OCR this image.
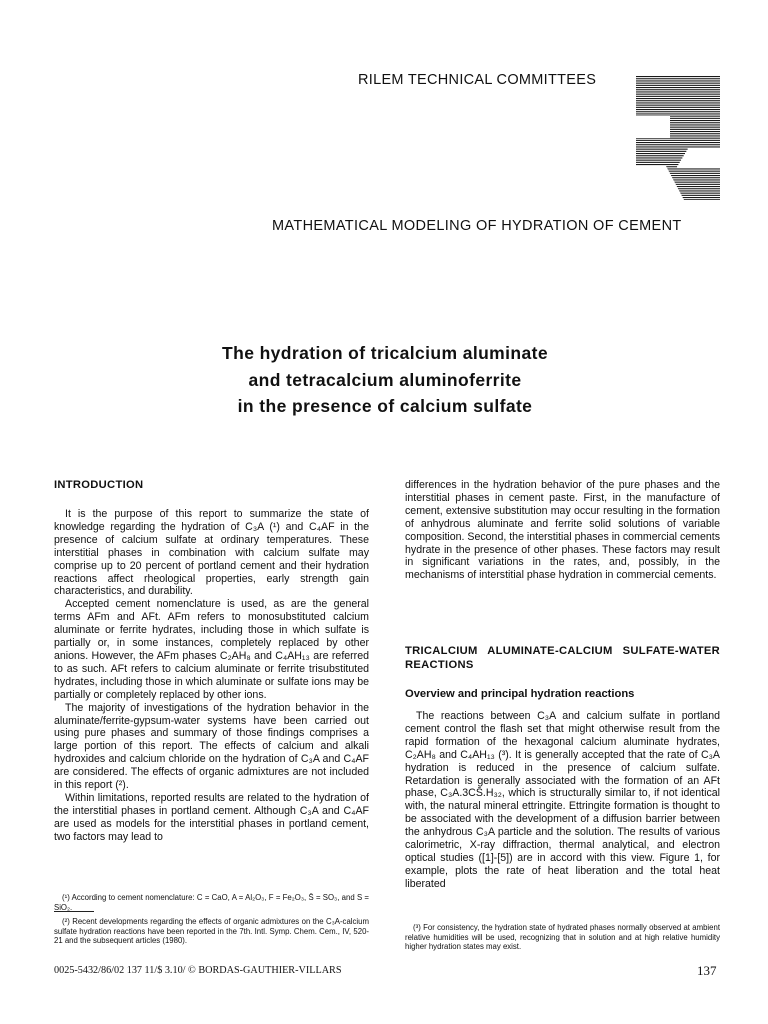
RILEM TECHNICAL COMMITTEES
MATHEMATICAL MODELING OF HYDRATION OF CEMENT
The hydration of tricalcium aluminate
and tetracalcium aluminoferrite
in the presence of calcium sulfate
INTRODUCTION

It is the purpose of this report to summarize the state of knowledge regarding the hydration of C₃A (¹) and C₄AF in the presence of calcium sulfate at ordinary temperatures. These interstitial phases in combination with calcium sulfate may comprise up to 20 percent of portland cement and their hydration reactions affect rheological properties, early strength gain characteristics, and durability.

Accepted cement nomenclature is used, as are the general terms AFm and AFt. AFm refers to monosubstituted calcium aluminate or ferrite hydrates, including those in which sulfate is partially or, in some instances, completely replaced by other anions. However, the AFm phases C₂AH₈ and C₄AH₁₃ are referred to as such. AFt refers to calcium aluminate or ferrite trisubstituted hydrates, including those in which aluminate or sulfate ions may be partially or completely replaced by other ions.

The majority of investigations of the hydration behavior in the aluminate/ferrite-gypsum-water systems have been carried out using pure phases and summary of those findings comprises a large portion of this report. The effects of calcium and alkali hydroxides and calcium chloride on the hydration of C₃A and C₄AF are considered. The effects of organic admixtures are not included in this report (²).

Within limitations, reported results are related to the hydration of the interstitial phases in portland cement. Although C₃A and C₄AF are used as models for the interstitial phases in portland cement, two factors may lead to

(¹) According to cement nomenclature: C = CaO, A = Al₂O₃, F = Fe₂O₃, S̄ = SO₃, and S = SiO₂.

(²) Recent developments regarding the effects of organic admixtures on the C₃A-calcium sulfate hydration reactions have been reported in the 7th. Intl. Symp. Chem. Cem., IV, 520-21 and the subsequent articles (1980).

differences in the hydration behavior of the pure phases and the interstitial phases in cement paste. First, in the manufacture of cement, extensive substitution may occur resulting in the formation of anhydrous aluminate and ferrite solid solutions of variable composition. Second, the interstitial phases in commercial cements hydrate in the presence of other phases. These factors may result in significant variations in the rates, and, possibly, in the mechanisms of interstitial phase hydration in commercial cements.

TRICALCIUM ALUMINATE-CALCIUM SULFATE-WATER REACTIONS
Overview and principal hydration reactions

The reactions between C₃A and calcium sulfate in portland cement control the flash set that might otherwise result from the rapid formation of the hexagonal calcium aluminate hydrates, C₂AH₈ and C₄AH₁₃ (³). It is generally accepted that the rate of C₃A hydration is reduced in the presence of calcium sulfate. Retardation is generally associated with the formation of an AFt phase, C₃A.3CS̄.H₃₂, which is structurally similar to, if not identical with, the natural mineral ettringite. Ettringite formation is thought to be associated with the development of a diffusion barrier between the anhydrous C₃A particle and the solution. The results of various calorimetric, X-ray diffraction, thermal analytical, and electron optical studies ([1]-[5]) are in accord with this view. Figure 1, for example, plots the rate of heat liberation and the total heat liberated

(³) For consistency, the hydration state of hydrated phases normally observed at ambient relative humidities will be used, recognizing that in solution and at high relative humidity higher hydration states may exist.

0025-5432/86/02 137 11/$ 3.10/ © BORDAS-GAUTHIER-VILLARS	137
